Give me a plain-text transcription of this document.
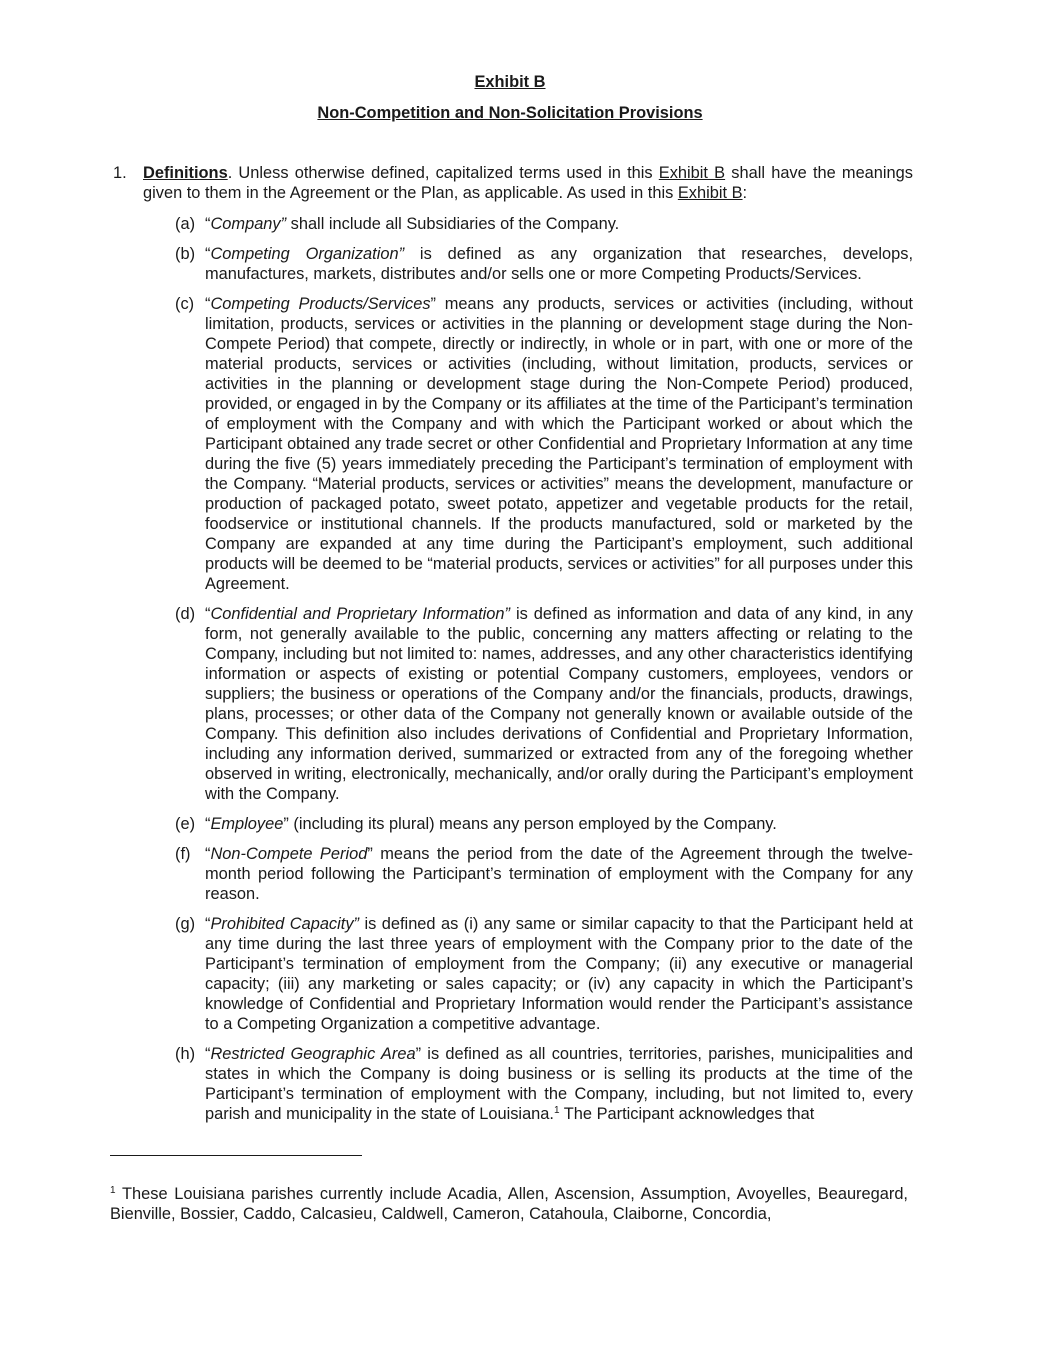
Exhibit B
Non-Competition and Non-Solicitation Provisions
1. Definitions. Unless otherwise defined, capitalized terms used in this Exhibit B shall have the meanings given to them in the Agreement or the Plan, as applicable. As used in this Exhibit B:
(a) “Company” shall include all Subsidiaries of the Company.
(b) “Competing Organization” is defined as any organization that researches, develops, manufactures, markets, distributes and/or sells one or more Competing Products/Services.
(c) “Competing Products/Services” means any products, services or activities (including, without limitation, products, services or activities in the planning or development stage during the Non-Compete Period) that compete, directly or indirectly, in whole or in part, with one or more of the material products, services or activities (including, without limitation, products, services or activities in the planning or development stage during the Non-Compete Period) produced, provided, or engaged in by the Company or its affiliates at the time of the Participant’s termination of employment with the Company and with which the Participant worked or about which the Participant obtained any trade secret or other Confidential and Proprietary Information at any time during the five (5) years immediately preceding the Participant’s termination of employment with the Company. “Material products, services or activities” means the development, manufacture or production of packaged potato, sweet potato, appetizer and vegetable products for the retail, foodservice or institutional channels. If the products manufactured, sold or marketed by the Company are expanded at any time during the Participant’s employment, such additional products will be deemed to be “material products, services or activities” for all purposes under this Agreement.
(d) “Confidential and Proprietary Information” is defined as information and data of any kind, in any form, not generally available to the public, concerning any matters affecting or relating to the Company, including but not limited to: names, addresses, and any other characteristics identifying information or aspects of existing or potential Company customers, employees, vendors or suppliers; the business or operations of the Company and/or the financials, products, drawings, plans, processes; or other data of the Company not generally known or available outside of the Company. This definition also includes derivations of Confidential and Proprietary Information, including any information derived, summarized or extracted from any of the foregoing whether observed in writing, electronically, mechanically, and/or orally during the Participant’s employment with the Company.
(e) “Employee” (including its plural) means any person employed by the Company.
(f) “Non-Compete Period” means the period from the date of the Agreement through the twelve-month period following the Participant’s termination of employment with the Company for any reason.
(g) “Prohibited Capacity” is defined as (i) any same or similar capacity to that the Participant held at any time during the last three years of employment with the Company prior to the date of the Participant’s termination of employment from the Company; (ii) any executive or managerial capacity; (iii) any marketing or sales capacity; or (iv) any capacity in which the Participant’s knowledge of Confidential and Proprietary Information would render the Participant’s assistance to a Competing Organization a competitive advantage.
(h) “Restricted Geographic Area” is defined as all countries, territories, parishes, municipalities and states in which the Company is doing business or is selling its products at the time of the Participant’s termination of employment with the Company, including, but not limited to, every parish and municipality in the state of Louisiana.$^1$ The Participant acknowledges that
$^1$ These Louisiana parishes currently include Acadia, Allen, Ascension, Assumption, Avoyelles, Beauregard, Bienville, Bossier, Caddo, Calcasieu, Caldwell, Cameron, Catahoula, Claiborne, Concordia,
